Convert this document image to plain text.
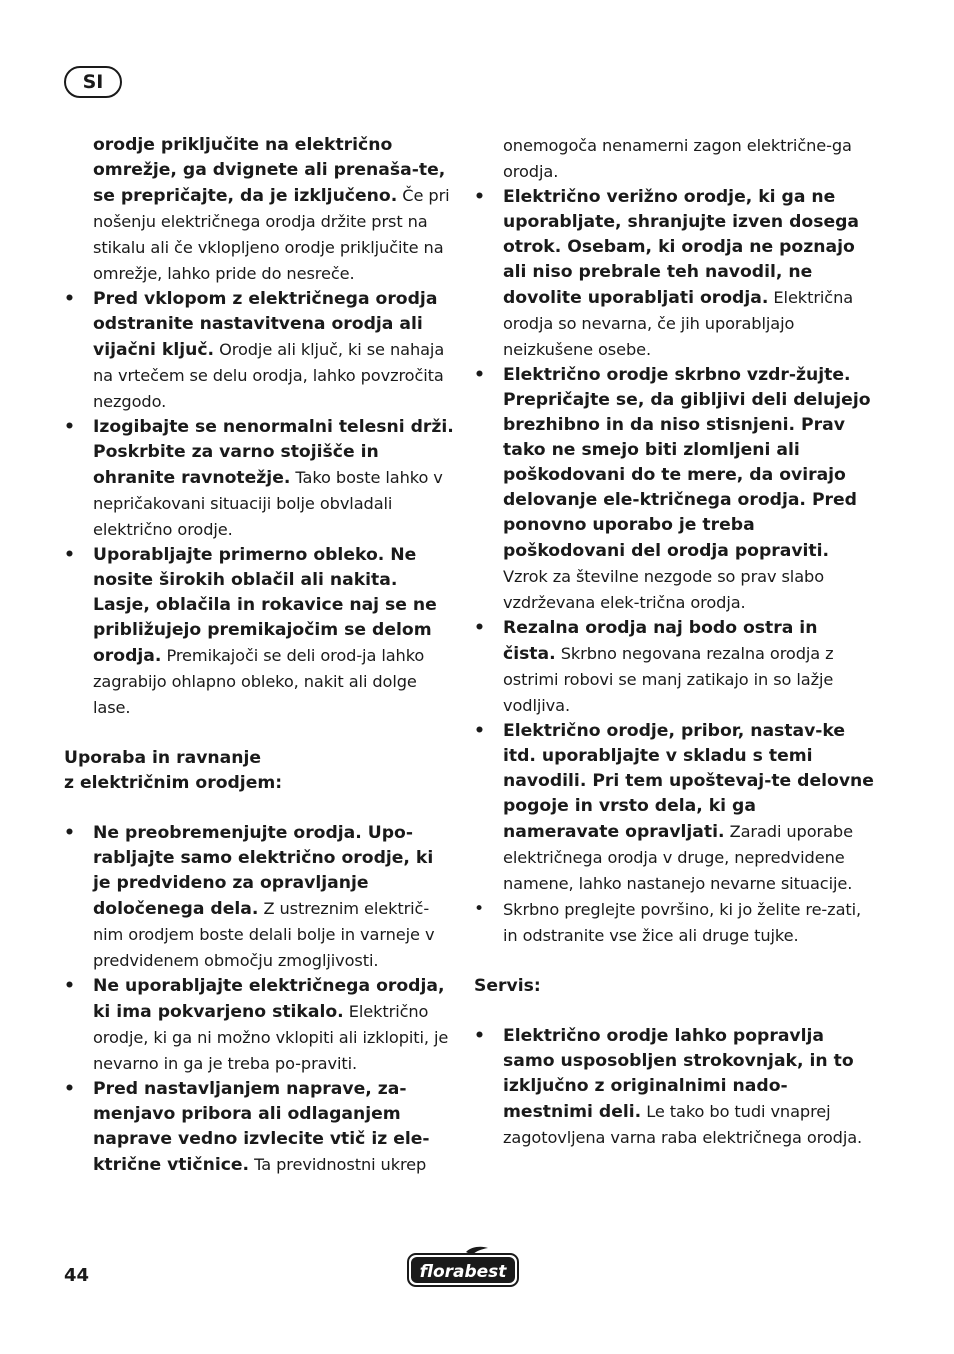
SI

orodje priključite na električno omrežje, ga dvignete ali prenaša-te, se prepričajte, da je izključeno. Če pri nošenju električnega orodja držite prst na stikalu ali če vklopljeno orodje priključite na omrežje, lahko pride do nesreče.

•	Pred vklopom z električnega orodja odstranite nastavitvena orodja ali vijačni ključ. Orodje ali ključ, ki se nahaja na vrtečem se delu orodja, lahko povzročita nezgodo.
•	Izogibajte se nenormalni telesni drži. Poskrbite za varno stojišče in ohranite ravnotežje. Tako boste lahko v nepričakovani situaciji bolje obvladali električno orodje.
•	Uporabljajte primerno obleko. Ne nosite širokih oblačil ali nakita. Lasje, oblačila in rokavice naj se ne približujejo premikajočim se delom orodja. Premikajoči se deli orod-ja lahko zagrabijo ohlapno obleko, nakit ali dolge lase.

Uporaba in ravnanje

z električnim orodjem:

•	Ne preobremenjujte orodja. Upo-rabljajte samo električno orodje, ki je predvideno za opravljanje določenega dela. Z ustreznim električ-nim orodjem boste delali bolje in varneje v predvidenem območju zmogljivosti.
•	Ne uporabljajte električnega orodja, ki ima pokvarjeno stikalo. Električno orodje, ki ga ni možno vklopiti ali izklopiti, je nevarno in ga je treba po-praviti.
•	Pred nastavljanjem naprave, za-menjavo pribora ali odlaganjem naprave vedno izvlecite vtič iz ele-ktrične vtičnice. Ta previdnostni ukrep

onemogoča nenamerni zagon električne-ga orodja.

•	Električno verižno orodje, ki ga ne uporabljate, shranjujte izven dosega otrok. Osebam, ki orodja ne poznajo ali niso prebrale teh navodil, ne dovolite uporabljati orodja. Električna orodja so nevarna, če jih uporabljajo neizkušene osebe.
•	Električno orodje skrbno vzdr-žujte. Prepričajte se, da gibljivi deli delujejo brezhibno in da niso stisnjeni. Prav tako ne smejo biti zlomljeni ali poškodovani do te mere, da ovirajo delovanje ele-ktričnega orodja. Pred ponovno uporabo je treba poškodovani del orodja popraviti. Vzrok za številne nezgode so prav slabo vzdrževana elek-trična orodja.
•	Rezalna orodja naj bodo ostra in čista. Skrbno negovana rezalna orodja z ostrimi robovi se manj zatikajo in so lažje vodljiva.
•	Električno orodje, pribor, nastav-ke itd. uporabljajte v skladu s temi navodili. Pri tem upoštevaj-te delovne pogoje in vrsto dela, ki ga nameravate opravljati. Zaradi uporabe električnega orodja v druge, nepredvidene namene, lahko nastanejo nevarne situacije.
•	Skrbno preglejte površino, ki jo želite re-zati, in odstranite vse žice ali druge tujke.

Servis:

•	Električno orodje lahko popravlja samo usposobljen strokovnjak, in to izključno z originalnimi nado-mestnimi deli. Le tako bo tudi vnaprej zagotovljena varna raba električnega orodja.
44	florabest
